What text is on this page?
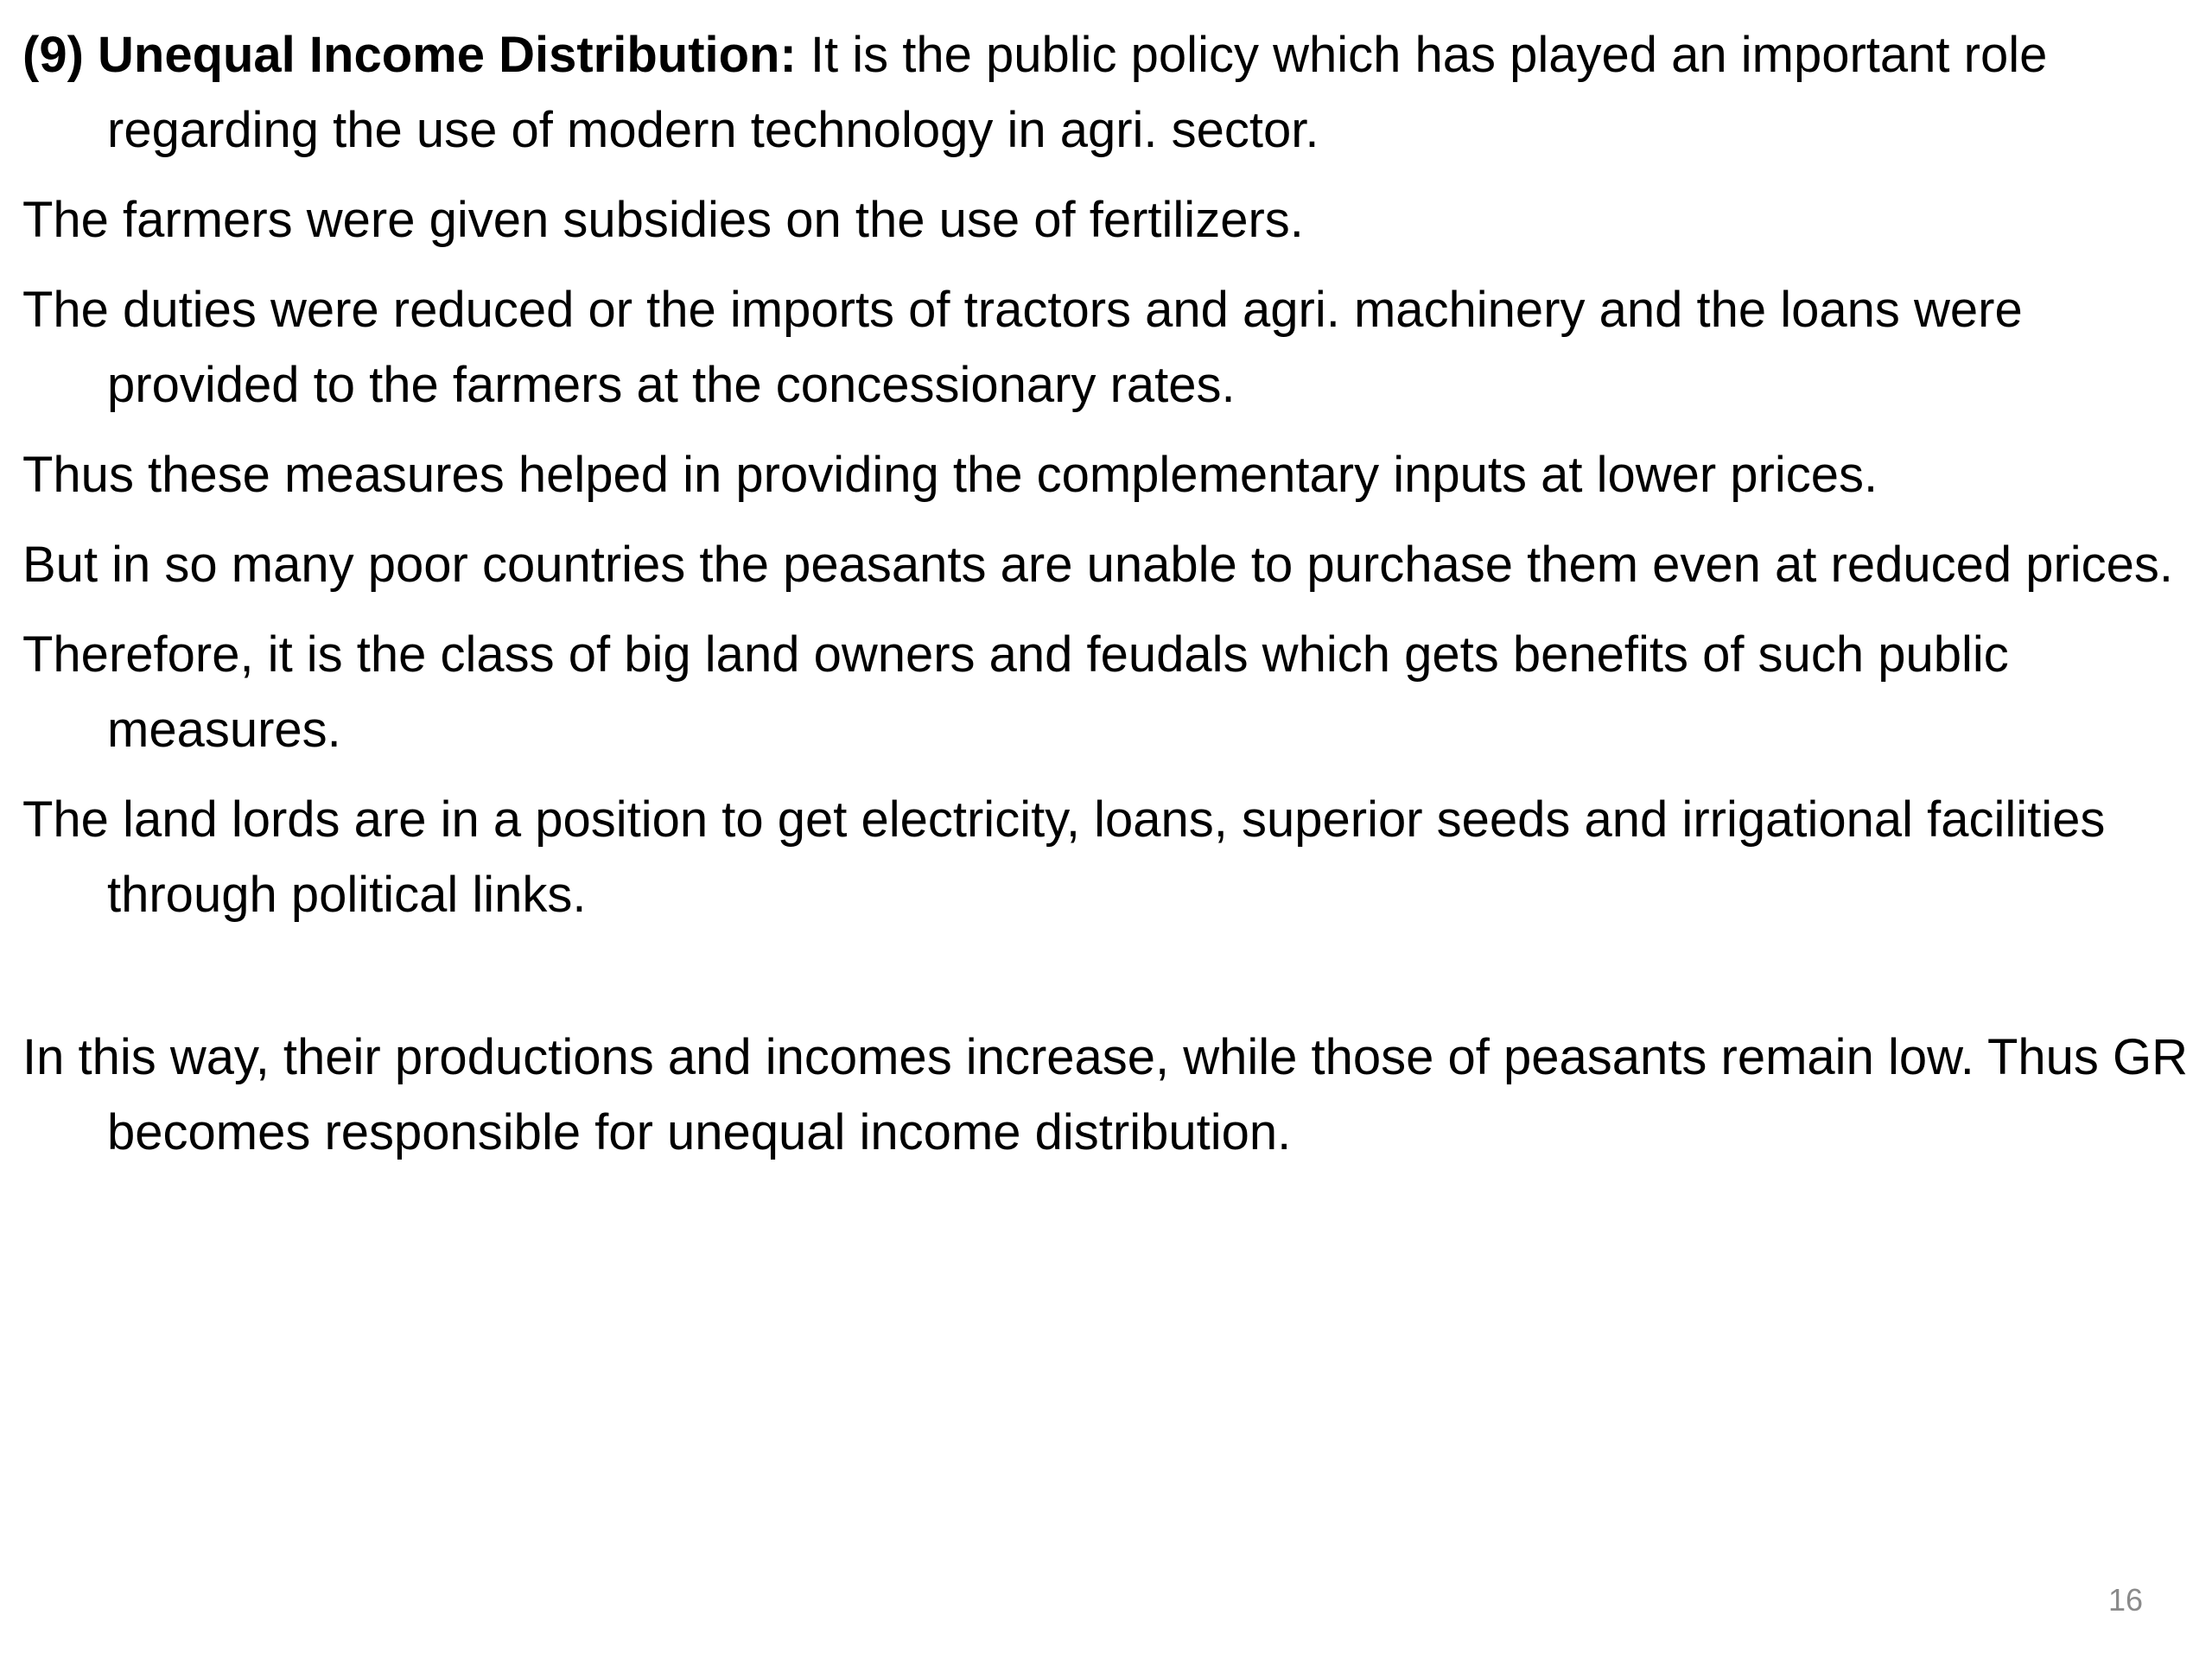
(9) Unequal Income Distribution: It is the public policy which has played an important role regarding the use of modern technology in agri. sector.

The farmers were given subsidies on the use of fertilizers.

The duties were reduced or the imports of tractors and agri. machinery and the loans were provided to the farmers at the concessionary rates.

Thus these measures helped in providing the complementary inputs at lower prices.

But in so many poor countries the peasants are unable to purchase them even at reduced prices.

Therefore, it is the class of big land owners and feudals which gets benefits of such public measures.

The land lords are in a position to get electricity, loans, superior seeds and irrigational facilities through political links.

In this way, their productions and incomes increase, while those of peasants remain low. Thus GR becomes responsible for unequal income distribution.

16
